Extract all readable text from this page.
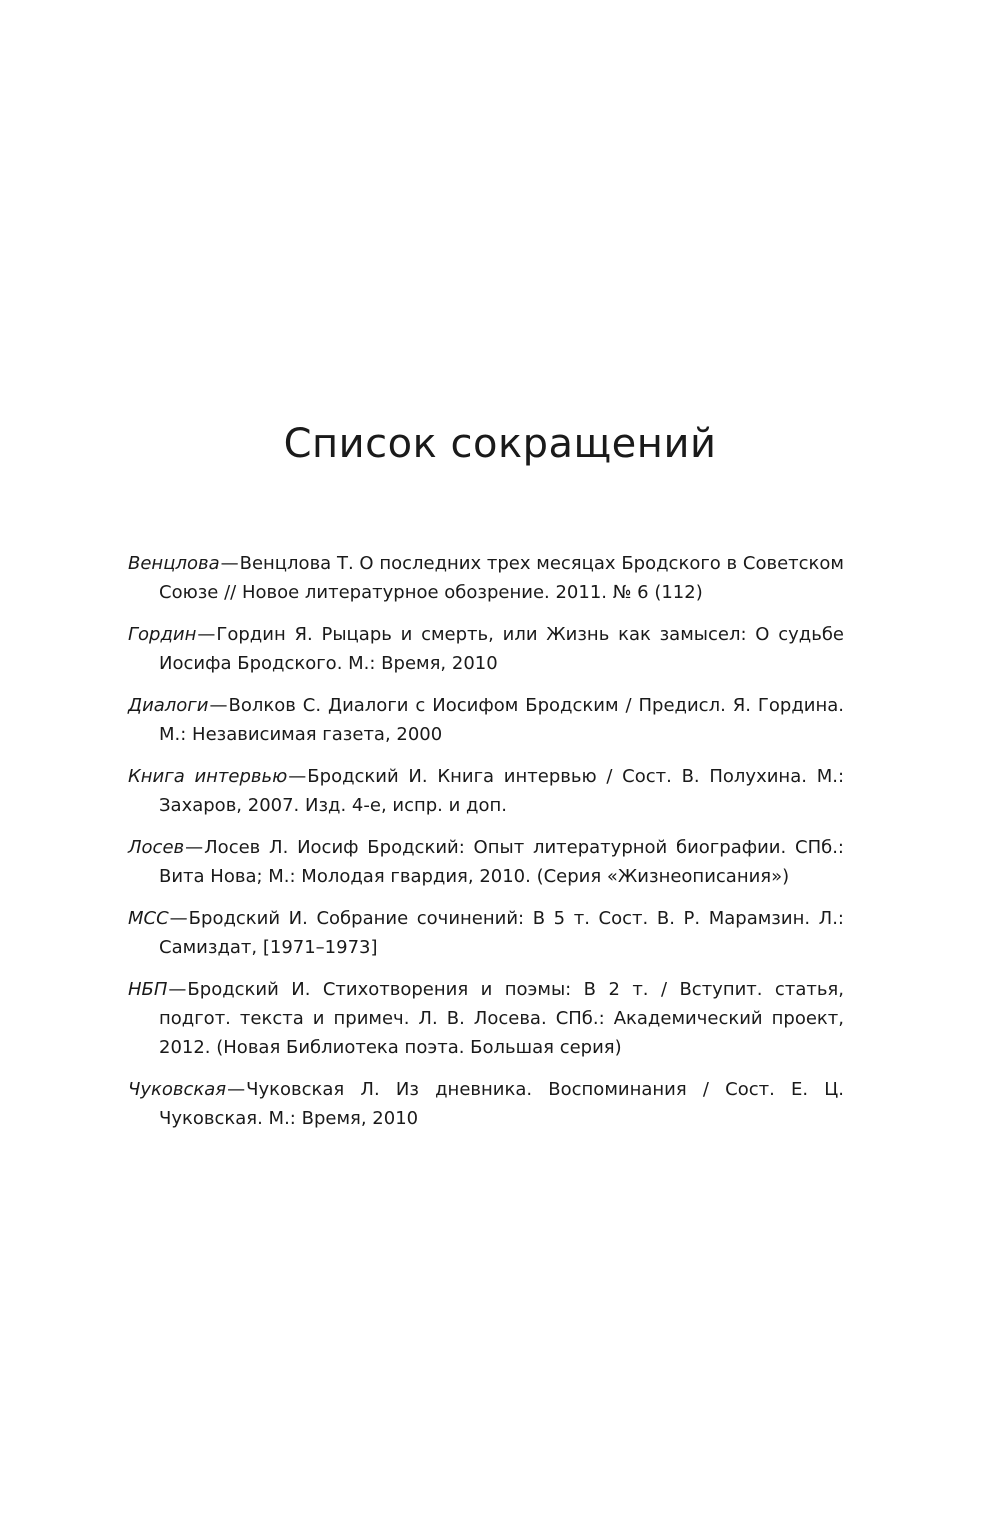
Список сокращений
Венцлова—Венцлова Т. О последних трех месяцах Бродского в Советском Союзе // Новое литературное обозрение. 2011. № 6 (112)
Гордин—Гордин Я. Рыцарь и смерть, или Жизнь как замысел: О судьбе Иосифа Бродского. М.: Время, 2010
Диалоги—Волков С. Диалоги с Иосифом Бродским / Предисл. Я. Гордина. М.: Независимая газета, 2000
Книга интервью—Бродский И. Книга интервью / Сост. В. Полухина. М.: Захаров, 2007. Изд. 4-е, испр. и доп.
Лосев—Лосев Л. Иосиф Бродский: Опыт литературной биографии. СПб.: Вита Нова; М.: Молодая гвардия, 2010. (Серия «Жизнеописания»)
МСС—Бродский И. Собрание сочинений: В 5 т. Сост. В. Р. Марамзин. Л.: Самиздат, [1971–1973]
НБП—Бродский И. Стихотворения и поэмы: В 2 т. / Вступит. статья, подгот. текста и примеч. Л. В. Лосева. СПб.: Академический проект, 2012. (Новая Библиотека поэта. Большая серия)
Чуковская—Чуковская Л. Из дневника. Воспоминания / Сост. Е. Ц. Чуковская. М.: Время, 2010
